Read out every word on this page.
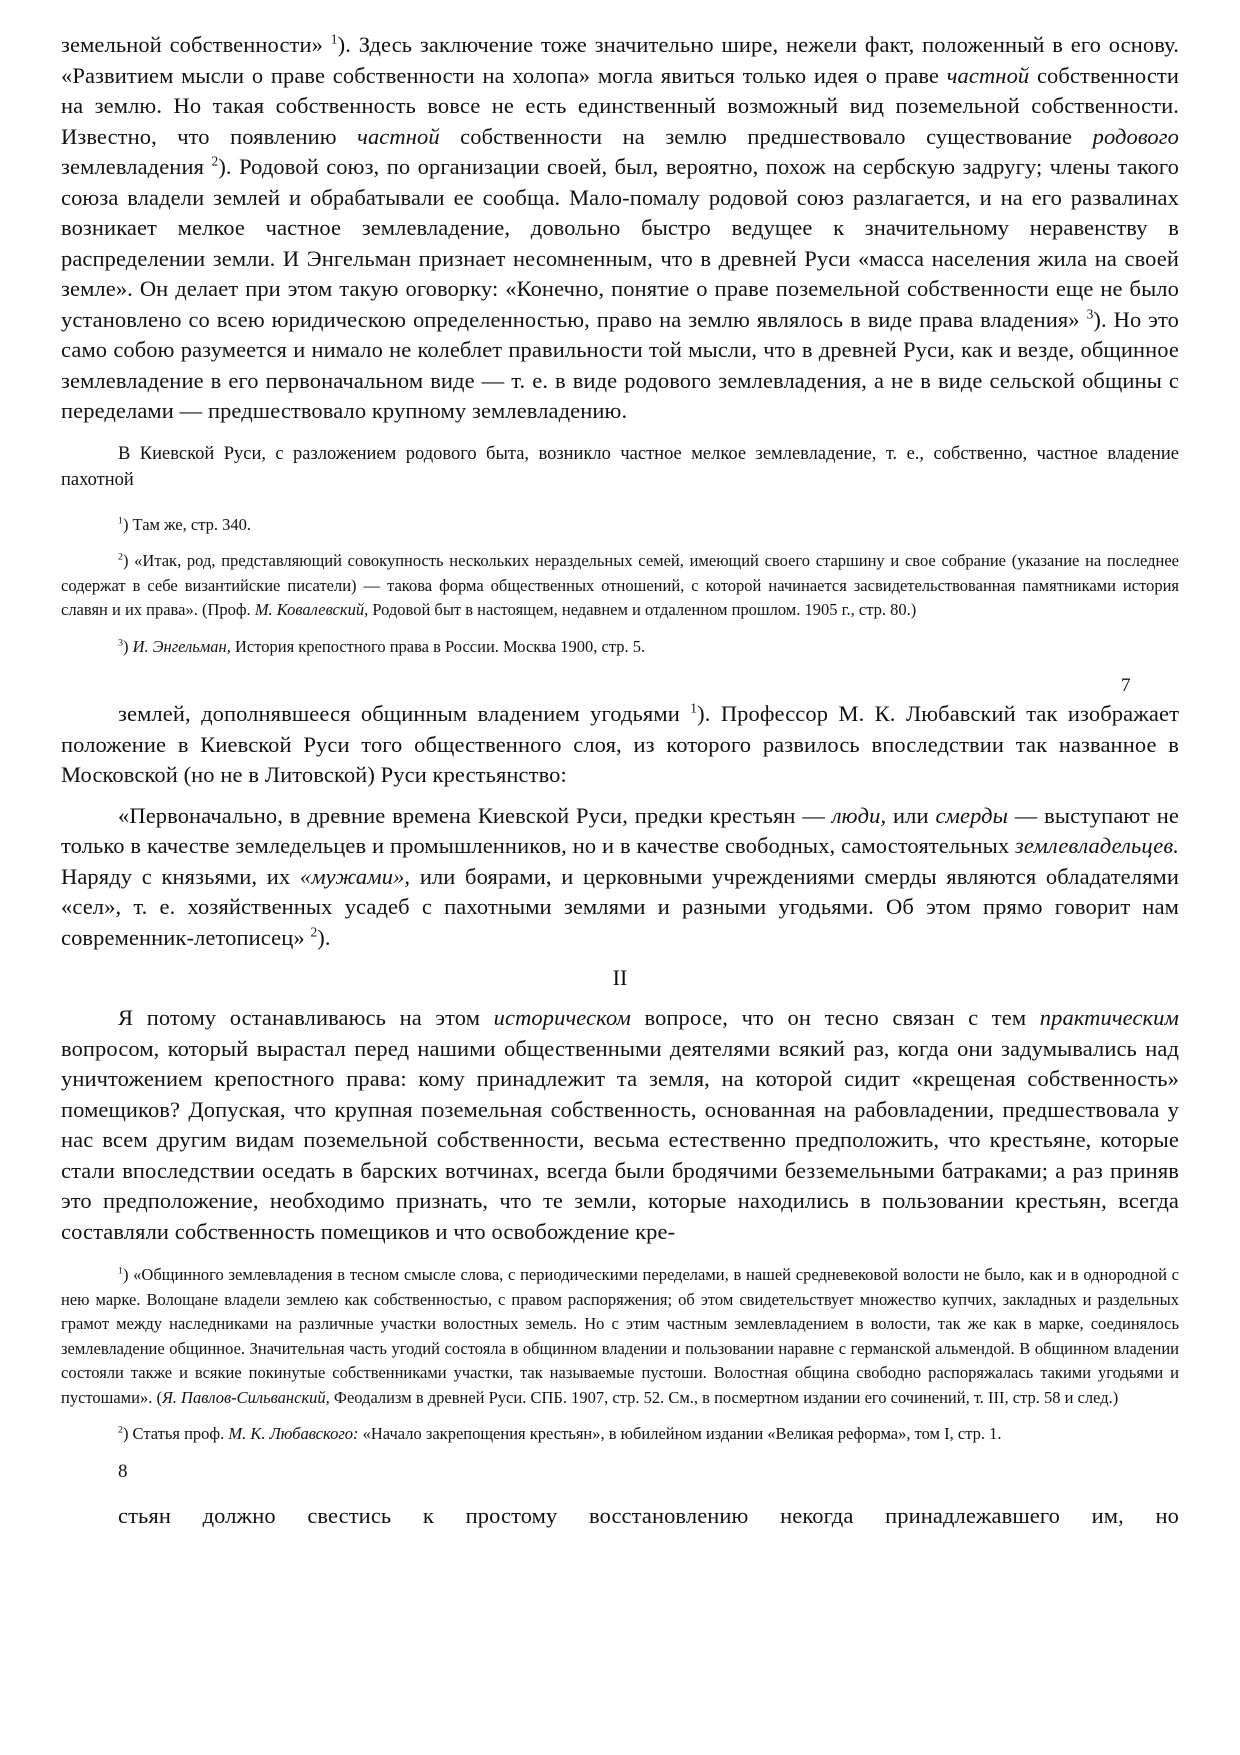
земельной собственности» $^1$). Здесь заключение тоже значительно шире, нежели факт, положенный в его основу. «Развитием мысли о праве собственности на холопа» могла явиться только идея о праве частной собственности на землю. Но такая собственность вовсе не есть единственный возможный вид поземельной собственности. Известно, что появлению частной собственности на землю предшествовало существование родового землевладения $^2$). Родовой союз, по организации своей, был, вероятно, похож на сербскую задругу; члены такого союза владели землей и обрабатывали ее сообща. Мало-помалу родовой союз разлагается, и на его развалинах возникает мелкое частное землевладение, довольно быстро ведущее к значительному неравенству в распределении земли. И Энгельман признает несомненным, что в древней Руси «масса населения жила на своей земле». Он делает при этом такую оговорку: «Конечно, понятие о праве поземельной собственности еще не было установлено со всею юридическою определенностью, право на землю являлось в виде права владения» $^3$). Но это само собою разумеется и нимало не колеблет правильности той мысли, что в древней Руси, как и везде, общинное землевладение в его первоначальном виде — т. е. в виде родового землевладения, а не в виде сельской общины с переделами — предшествовало крупному землевладению.

В Киевской Руси, с разложением родового быта, возникло частное мелкое землевладение, т. е., собственно, частное владение пахотной

$^1$) Там же, стр. 340.

$^2$) «Итак, род, представляющий совокупность нескольких нераздельных семей, имеющий своего старшину и свое собрание (указание на последнее содержат в себе византийские писатели) — такова форма общественных отношений, с которой начинается засвидетельствованная памятниками история славян и их права». (Проф. М. Ковалевский, Родовой быт в настоящем, недавнем и отдаленном прошлом. 1905 г., стр. 80.)

$^3$) И. Энгельман, История крепостного права в России. Москва 1900, стр. 5.

7

землей, дополнявшееся общинным владением угодьями $^1$). Профессор М. К. Любавский так изображает положение в Киевской Руси того общественного слоя, из которого развилось впоследствии так названное в Московской (но не в Литовской) Руси крестьянство:

«Первоначально, в древние времена Киевской Руси, предки крестьян — люди, или смерды — выступают не только в качестве земледельцев и промышленников, но и в качестве свободных, самостоятельных землевладельцев. Наряду с князьями, их «мужами», или боярами, и церковными учреждениями смерды являются обладателями «сел», т. е. хозяйственных усадеб с пахотными землями и разными угодьями. Об этом прямо говорит нам современник-летописец» $^2$).

II

Я потому останавливаюсь на этом историческом вопросе, что он тесно связан с тем практическим вопросом, который вырастал перед нашими общественными деятелями всякий раз, когда они задумывались над уничтожением крепостного права: кому принадлежит та земля, на которой сидит «крещеная собственность» помещиков? Допуская, что крупная поземельная собственность, основанная на рабовладении, предшествовала у нас всем другим видам поземельной собственности, весьма естественно предположить, что крестьяне, которые стали впоследствии оседать в барских вотчинах, всегда были бродячими безземельными батраками; а раз приняв это предположение, необходимо признать, что те земли, которые находились в пользовании крестьян, всегда составляли собственность помещиков и что освобождение кре-

$^1$) «Общинного землевладения в тесном смысле слова, с периодическими переделами, в нашей средневековой волости не было, как и в однородной с нею марке. Волощане владели землею как собственностью, с правом распоряжения; об этом свидетельствует множество купчих, закладных и раздельных грамот между наследниками на различные участки волостных земель. Но с этим частным землевладением в волости, так же как в марке, соединялось землевладение общинное. Значительная часть угодий состояла в общинном владении и пользовании наравне с германской альмендой. В общинном владении состояли также и всякие покинутые собственниками участки, так называемые пустоши. Волостная община свободно распоряжалась такими угодьями и пустошами». (Я. Павлов-Сильванский, Феодализм в древней Руси. СПБ. 1907, стр. 52. См., в посмертном издании его сочинений, т. III, стр. 58 и след.)

$^2$) Статья проф. М. К. Любавского: «Начало закрепощения крестьян», в юбилейном издании «Великая реформа», том I, стр. 1.

8

стьян должно свестись к простому восстановлению некогда принадлежавшего им, но
